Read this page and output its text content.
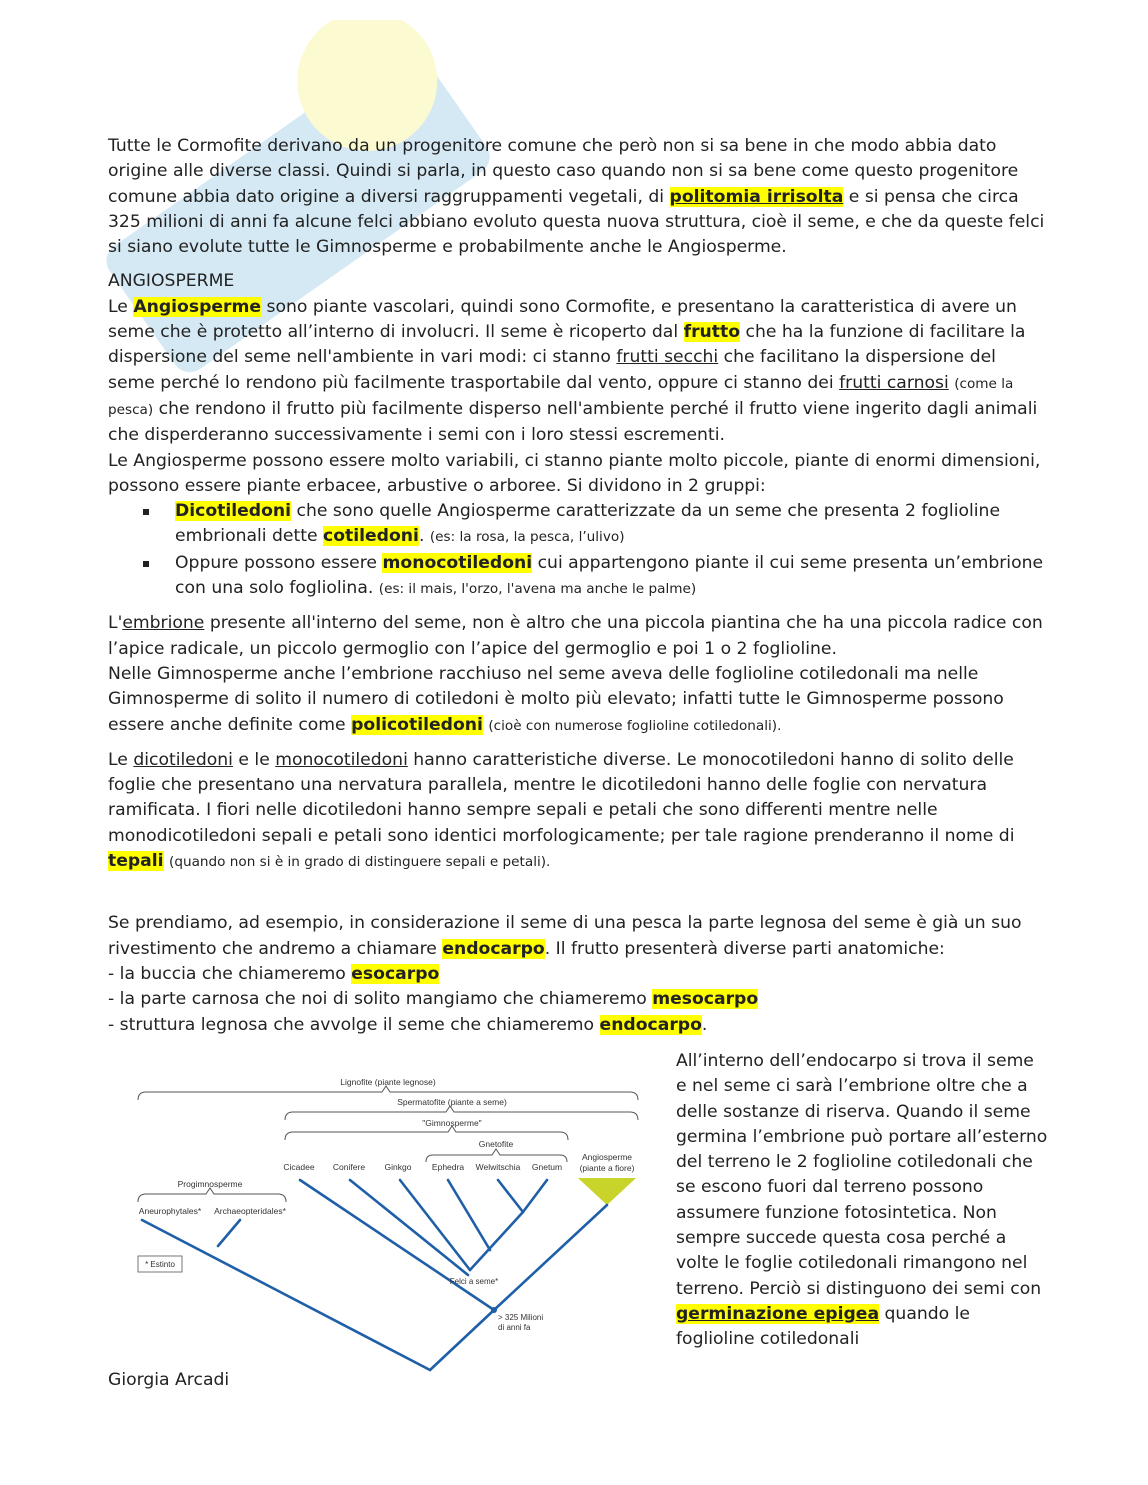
Tutte le Cormofite derivano da un progenitore comune che però non si sa bene in che modo abbia dato origine alle diverse classi. Quindi si parla, in questo caso quando non si sa bene come questo progenitore comune abbia dato origine a diversi raggruppamenti vegetali, di politomia irrisolta e si pensa che circa 325 milioni di anni fa alcune felci abbiano evoluto questa nuova struttura, cioè il seme, e che da queste felci si siano evolute tutte le Gimnosperme e probabilmente anche le Angiosperme.

ANGIOSPERME

Le Angiosperme sono piante vascolari, quindi sono Cormofite, e presentano la caratteristica di avere un seme che è protetto all’interno di involucri. Il seme è ricoperto dal frutto che ha la funzione di facilitare la dispersione del seme nell'ambiente in vari modi: ci stanno frutti secchi che facilitano la dispersione del seme perché lo rendono più facilmente trasportabile dal vento, oppure ci stanno dei frutti carnosi (come la pesca) che rendono il frutto più facilmente disperso nell'ambiente perché il frutto viene ingerito dagli animali che disperderanno successivamente i semi con i loro stessi escrementi.

Le Angiosperme possono essere molto variabili, ci stanno piante molto piccole, piante di enormi dimensioni, possono essere piante erbacee, arbustive o arboree. Si dividono in 2 gruppi:

Dicotiledoni che sono quelle Angiosperme caratterizzate da un seme che presenta 2 foglioline embrionali dette cotiledoni. (es: la rosa, la pesca, l’ulivo)
Oppure possono essere monocotiledoni cui appartengono piante il cui seme presenta un’embrione con una solo fogliolina. (es: il mais, l'orzo, l'avena ma anche le palme)

L'embrione presente all'interno del seme, non è altro che una piccola piantina che ha una piccola radice con l’apice radicale, un piccolo germoglio con l’apice del germoglio e poi 1 o 2 foglioline.

Nelle Gimnosperme anche l’embrione racchiuso nel seme aveva delle foglioline cotiledonali ma nelle Gimnosperme di solito il numero di cotiledoni è molto più elevato; infatti tutte le Gimnosperme possono essere anche definite come policotiledoni (cioè con numerose foglioline cotiledonali).

Le dicotiledoni e le monocotiledoni hanno caratteristiche diverse. Le monocotiledoni hanno di solito delle foglie che presentano una nervatura parallela, mentre le dicotiledoni hanno delle foglie con nervatura ramificata. I fiori nelle dicotiledoni hanno sempre sepali e petali che sono differenti mentre nelle monodicotiledoni sepali e petali sono identici morfologicamente; per tale ragione prenderanno il nome di tepali (quando non si è in grado di distinguere sepali e petali).

Se prendiamo, ad esempio, in considerazione il seme di una pesca la parte legnosa del seme è già un suo rivestimento che andremo a chiamare endocarpo. Il frutto presenterà diverse parti anatomiche:

- la buccia che chiameremo esocarpo

- la parte carnosa che noi di solito mangiamo che chiameremo mesocarpo

- struttura legnosa che avvolge il seme che chiameremo endocarpo.

Lignofite (piante legnose)
Spermatofite (piante a seme)
"Gimnosperme"
Gnetofite
Progimnosperme
Cicadee Conifere Ginkgo Ephedra Welwitschia Gnetum
Angiosperme
(piante a fiore)
Aneurophytales* Archaeopteridales*
* Estinto
Felci a seme*
> 325 Milioni
di anni fa

All’interno dell’endocarpo si trova il seme e nel seme ci sarà l’embrione oltre che a delle sostanze di riserva. Quando il seme germina l’embrione può portare all’esterno del terreno le 2 foglioline cotiledonali che se escono fuori dal terreno possono assumere funzione fotosintetica. Non sempre succede questa cosa perché a volte le foglie cotiledonali rimangono nel terreno. Perciò si distinguono dei semi con germinazione epigea quando le foglioline cotiledonali

Giorgia Arcadi
